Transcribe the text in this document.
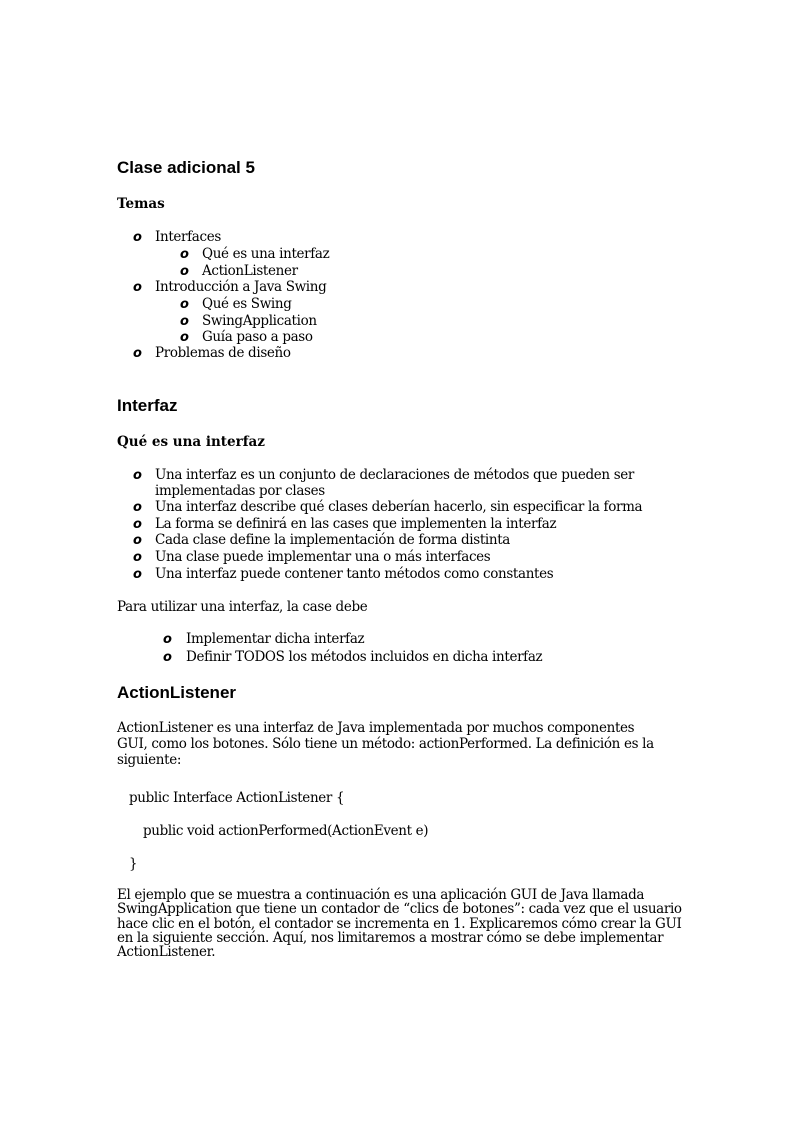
Clase adicional 5
Temas
o Interfaces
o Qué es una interfaz
o ActionListener
o Introducción a Java Swing
o Qué es Swing
o SwingApplication
o Guía paso a paso
o Problemas de diseño
Interfaz
Qué es una interfaz
o Una interfaz es un conjunto de declaraciones de métodos que pueden ser
implementadas por clases
o Una interfaz describe qué clases deberían hacerlo, sin especificar la forma
o La forma se definirá en las cases que implementen la interfaz
o Cada clase define la implementación de forma distinta
o Una clase puede implementar una o más interfaces
o Una interfaz puede contener tanto métodos como constantes
Para utilizar una interfaz, la case debe
o Implementar dicha interfaz
o Definir TODOS los métodos incluidos en dicha interfaz
ActionListener
ActionListener es una interfaz de Java implementada por muchos componentes
GUI, como los botones. Sólo tiene un método: actionPerformed. La definición es la
siguiente:
public Interface ActionListener {
public void actionPerformed(ActionEvent e)
}
El ejemplo que se muestra a continuación es una aplicación GUI de Java llamada
SwingApplication que tiene un contador de “clics de botones”: cada vez que el usuario
hace clic en el botón, el contador se incrementa en 1. Explicaremos cómo crear la GUI
en la siguiente sección. Aquí, nos limitaremos a mostrar cómo se debe implementar
ActionListener.
